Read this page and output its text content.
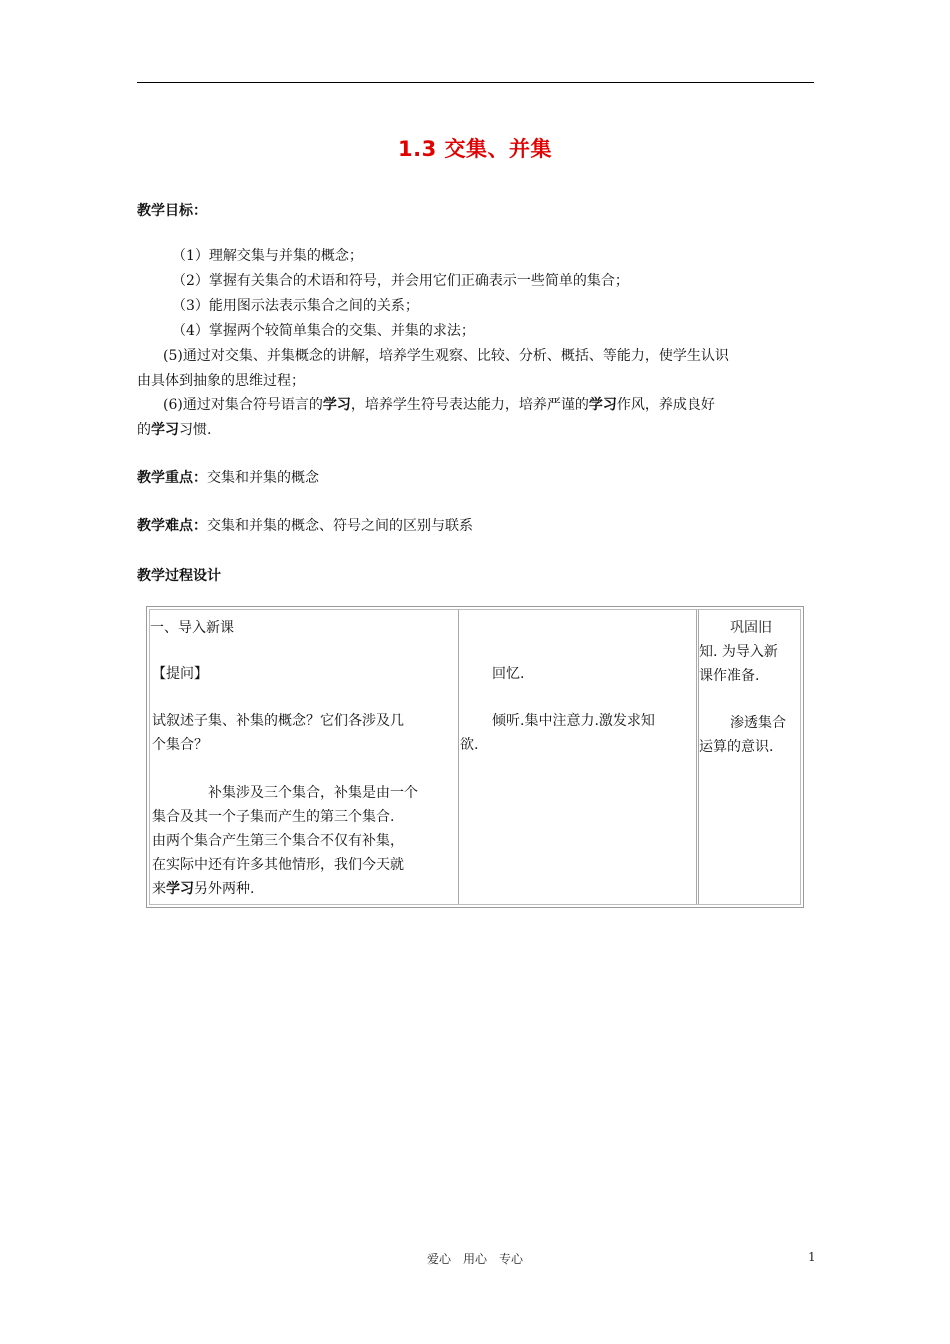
1.3 交集、并集
教学目标：
（1）理解交集与并集的概念；
（2）掌握有关集合的术语和符号，并会用它们正确表示一些简单的集合；
（3）能用图示法表示集合之间的关系；
（4）掌握两个较简单集合的交集、并集的求法；
(5)通过对交集、并集概念的讲解，培养学生观察、比较、分析、概括、等能力，使学生认识
由具体到抽象的思维过程；
(6)通过对集合符号语言的学习，培养学生符号表达能力，培养严谨的学习作风，养成良好
的学习习惯.
教学重点：交集和并集的概念
教学难点：交集和并集的概念、符号之间的区别与联系
教学过程设计
一、导入新课
【提问】
试叙述子集、补集的概念？它们各涉及几
个集合？
补集涉及三个集合，补集是由一个
集合及其一个子集而产生的第三个集合.
由两个集合产生第三个集合不仅有补集，
在实际中还有许多其他情形，我们今天就
来学习另外两种.
回忆.
倾听.集中注意力.激发求知
欲.
巩固旧
知. 为导入新
课作准备.
渗透集合
运算的意识.
爱心　用心　专心	1
